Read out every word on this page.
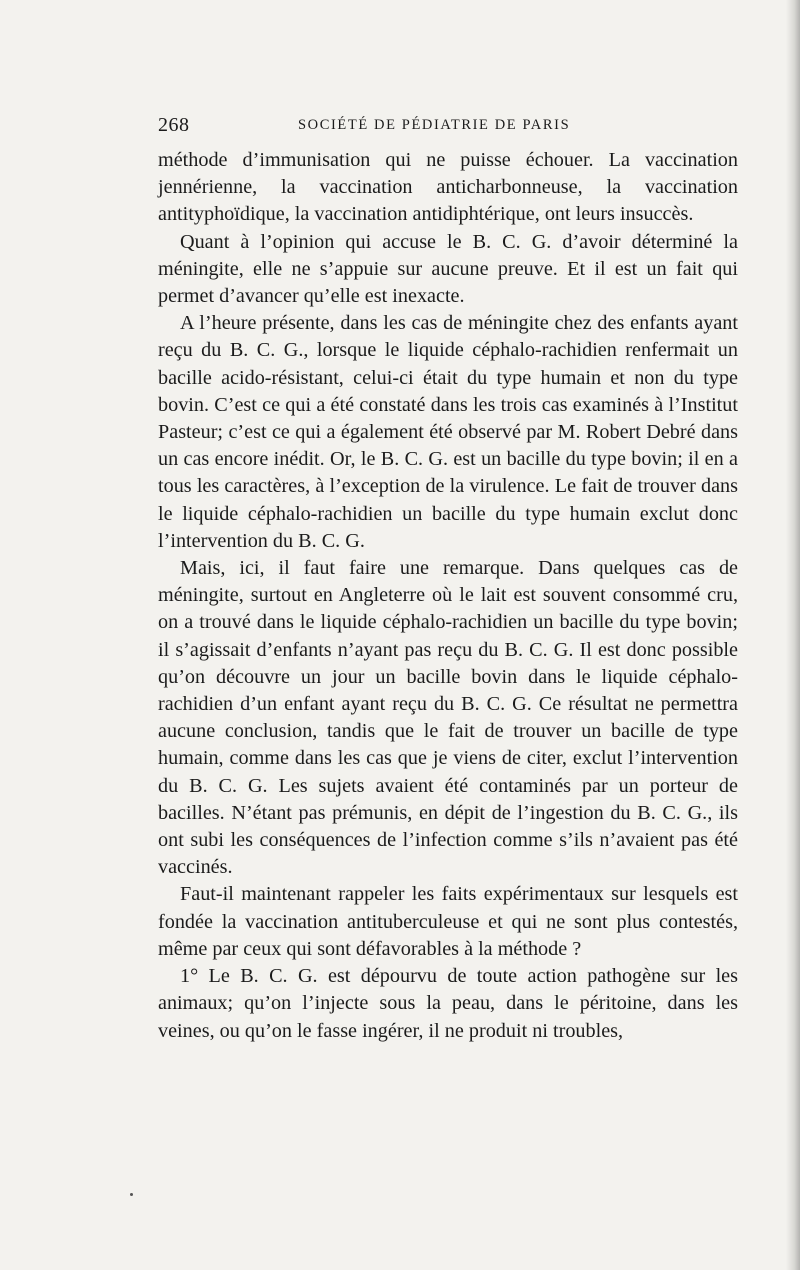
268	SOCIÉTÉ DE PÉDIATRIE DE PARIS

méthode d’immunisation qui ne puisse échouer. La vaccination jennérienne, la vaccination anticharbonneuse, la vaccination antityphoïdique, la vaccination antidiphtérique, ont leurs insuccès.

Quant à l’opinion qui accuse le B. C. G. d’avoir déterminé la méningite, elle ne s’appuie sur aucune preuve. Et il est un fait qui permet d’avancer qu’elle est inexacte.

A l’heure présente, dans les cas de méningite chez des enfants ayant reçu du B. C. G., lorsque le liquide céphalo-rachidien renfermait un bacille acido-résistant, celui-ci était du type humain et non du type bovin. C’est ce qui a été constaté dans les trois cas examinés à l’Institut Pasteur; c’est ce qui a également été observé par M. Robert Debré dans un cas encore inédit. Or, le B. C. G. est un bacille du type bovin; il en a tous les caractères, à l’exception de la virulence. Le fait de trouver dans le liquide céphalo-rachidien un bacille du type humain exclut donc l’intervention du B. C. G.

Mais, ici, il faut faire une remarque. Dans quelques cas de méningite, surtout en Angleterre où le lait est souvent consommé cru, on a trouvé dans le liquide céphalo-rachidien un bacille du type bovin; il s’agissait d’enfants n’ayant pas reçu du B. C. G. Il est donc possible qu’on découvre un jour un bacille bovin dans le liquide céphalo-rachidien d’un enfant ayant reçu du B. C. G. Ce résultat ne permettra aucune conclusion, tandis que le fait de trouver un bacille de type humain, comme dans les cas que je viens de citer, exclut l’intervention du B. C. G. Les sujets avaient été contaminés par un porteur de bacilles. N’étant pas prémunis, en dépit de l’ingestion du B. C. G., ils ont subi les conséquences de l’infection comme s’ils n’avaient pas été vaccinés.

Faut-il maintenant rappeler les faits expérimentaux sur lesquels est fondée la vaccination antituberculeuse et qui ne sont plus contestés, même par ceux qui sont défavorables à la méthode ?

1° Le B. C. G. est dépourvu de toute action pathogène sur les animaux; qu’on l’injecte sous la peau, dans le péritoine, dans les veines, ou qu’on le fasse ingérer, il ne produit ni troubles,
